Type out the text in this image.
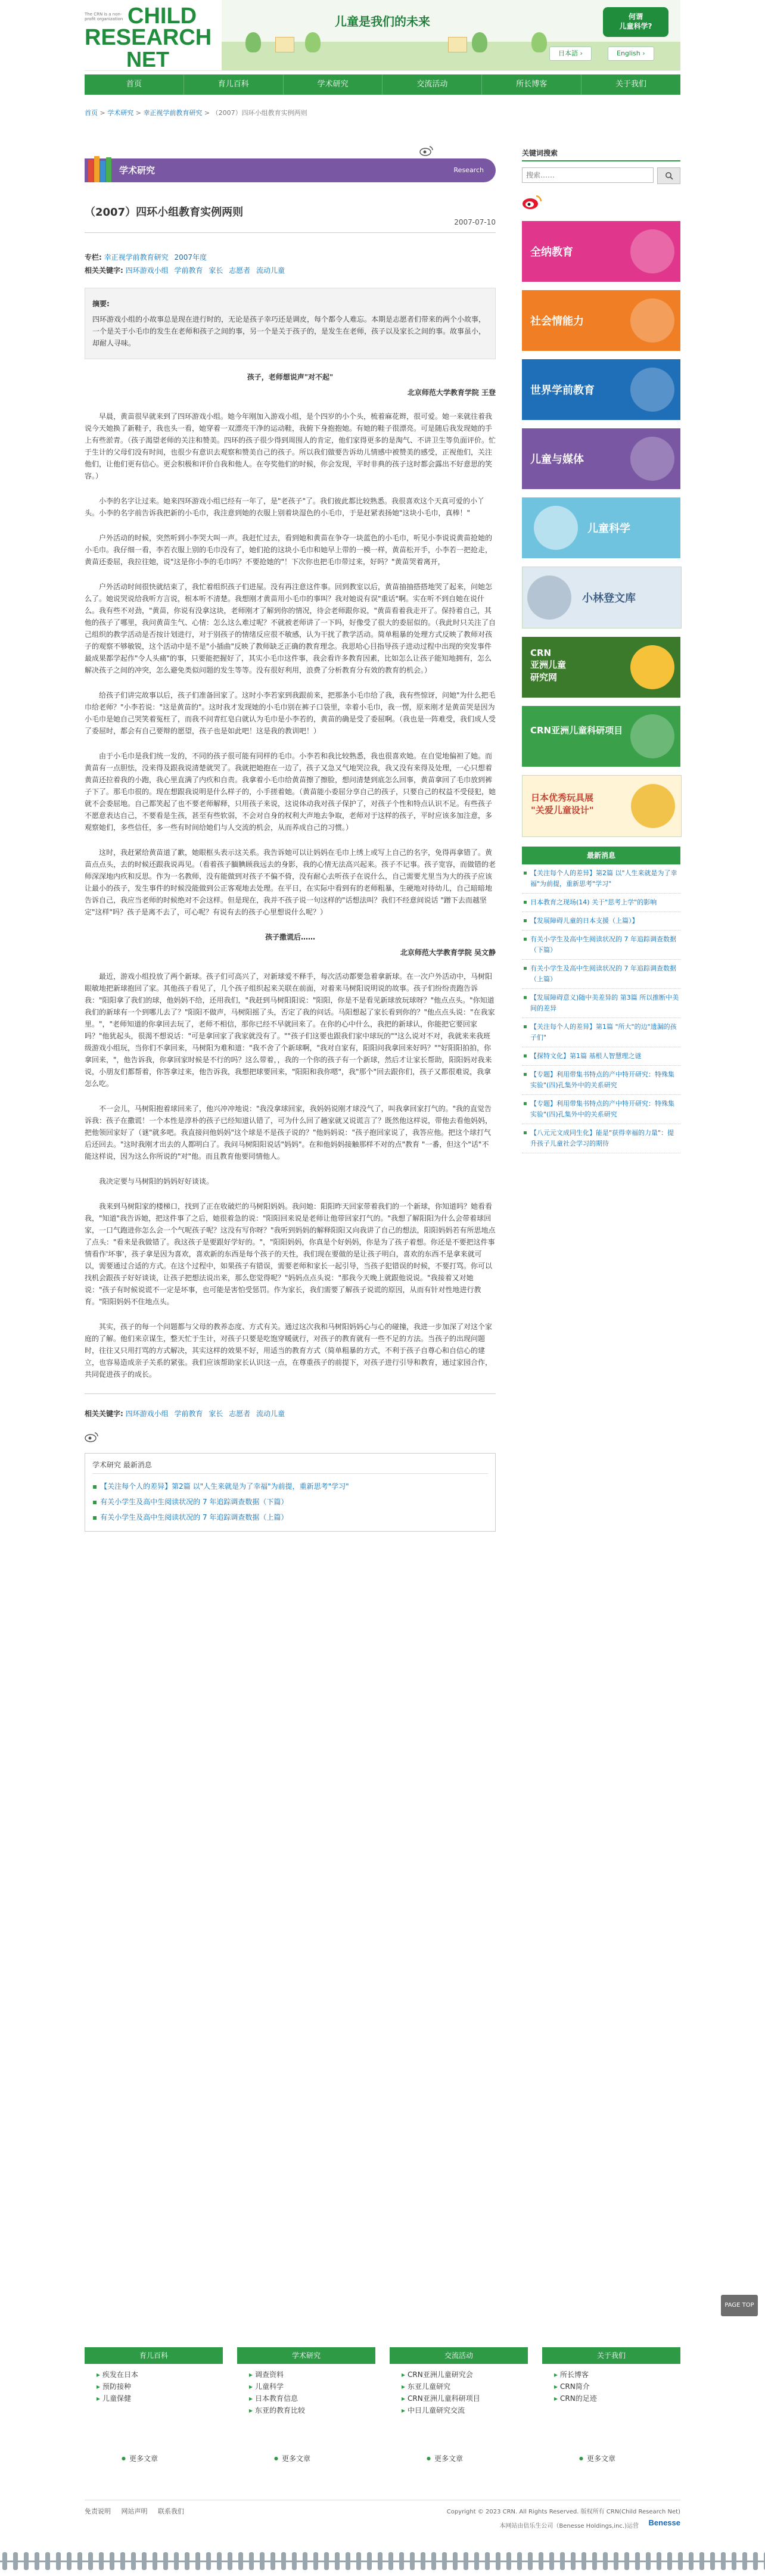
The CRN is a non-profit organization CHILD
RESEARCH
NET
儿童是我们的未来	何谓
儿童科学?
日本語 ›	English ›
首页	育儿百科	学术研究	交流活动	所长博客	关于我们
首页 > 学术研究 > 幸正视学前教育研究 > （2007）四环小组教育实例两则
学术研究	Research
（2007）四环小组教育实例两则
2007-07-10
专栏: 幸正视学前教育研究 2007年度
相关关键字: 四环游戏小组 学前教育 家长 志愿者 流动儿童
摘要:
四环游戏小组的小故事总是现在进行时的，无论是孩子幸巧还是调皮，每个都令人难忘。本期是志愿者们带来的两个小故事，一个是关于小毛巾的发生在老师和孩子之间的事，另一个是关于孩子的，是发生在老师，孩子以及家长之间的事。故事虽小，却耐人寻味。
孩子，老师想说声"对不起"
北京师范大学教育学院 王登

早晨，黄苗很早就来到了四环游戏小组。她今年刚加入游戏小组，是个四岁的小个头，梳着麻花辫，很可爱。她一来就往着我说今天她换了新鞋子，我也头一看，她穿着一双漂亮干净的运动鞋，我俯下身抱抱她。有她的鞋子很漂亮。可是随后我发现她的手上有些淤青。（孩子渴望老师的关注和赞美。四环的孩子很少得到周围人的肯定，他们家得更多的是淘气、不讲卫生等负面评价。忙于生计的父母们没有时间，也很少有意识去观察和赞美自己的孩子。所以我们做要告诉幼儿情感中被赞美的感受，正视他们，关注他们，让他们更有信心。更会积极和评价自我和他人。在夸奖他们的时候，你会发现，平时非典的孩子这时都会露出不好意思的笑容。）

小李的名字让过来。她来四环游戏小组已经有一年了，是"老孩子"了。我们彼此都比较熟悉。我很喜欢这个天真可爱的小丫头。小李的名字前告诉我把新的小毛巾，我注意到她的衣服上别着块湿色的小毛巾，于是赶紧表扬她"这块小毛巾，真棒！"

户外活动的时候，突然听到小李哭大叫一声。我赶忙过去，看到她和黄苗在争夺一块蓝色的小毛巾，听见小李说说黄苗抢她的小毛巾。我仔细一看，李若衣服上别的毛巾没有了，她们抢的这块小毛巾和她早上带的一模一样，黄苗松开手，小李若一把抢走，黄苗还委屈，我拉往她，说"这是你小李的毛巾吗？不要抢她的"！下次你也把毛巾带过来，好吗？"黄苗哭着离开，

户外活动时间很快就结束了，我忙着组织孩子们进屋。没有再注意这件事。回到教室以后，黄苗抽抽搭搭地哭了起来，问她怎么了。她说哭说给我听方言说，根本听不清楚。我想刚才黄苗用小毛巾的事叫？我对她说有误"重话"啊。实在听不到自她在说什么。我有些不对劲，"黄苗，你说有没拿这块，老师刚才了解到你的情况，待会老师跟你说，"黄苗看着我走开了。保持着自己，其他的孩子了哪里，我问黄苗生气、心情：怎么这么难过呢？不就被老师讲了一下吗，好像受了很大的委屈似的。（我此时只关注了自己组织的教学活动是否按计划进行，对于别孩子的情绪反应很不敏感，认为干扰了教学活动。简单粗暴的处理方式反映了教师对孩子的观察不够敏锐，这个活动中是不是"小插曲"反映了教师缺乏正确的教育理念。我思哈心目指导孩子进动过程中出现的突发事件最成果都学起作"令人头痛"的事，只要能把握好了，其实小毛巾这件事，我会看许多教育因素，比如怎么让孩子能知地拥有，怎么解决孩子之间的冲突，怎么避免类似问题的发生等等。没有很好利用，浪费了分析教育分有效的教育的机会。）

给孩子们讲完故事以后，孩子们准备回家了。这时小李若家到我跟前来，把那条小毛巾给了我，我有些惊讶，问她"为什么把毛巾给老师？"小李若说："这是黄苗的"。这时我才发现她的小毛巾别在裤子口袋里，幸着小毛巾，我一愣，原来刚才是黄苗哭是因为小毛巾是她自己哭笑着冤枉了，而我不问青红皂白就认为毛巾是小李若的，黄苗的确是受了委屈啊。（我也是一阵难受，我们成人受了委屈时，都会有自己要辩的愿望，孩子也是如此吧！这是我的教训吧！）

由于小毛巾是我们统一发的，不同的孩子很可能有同样的毛巾。小李若和我比较熟悉，我也很喜欢她。在自觉地偏袒了她。而黄苗有一点胆怯，没来得及跟我说清楚就哭了。我就把她抱在一边了，孩子又急又气地哭泣我，我又没有来得及处理，一心只想着黄苗还拉着我的小跑，我心里直满了内疚和自责。我拿着小毛巾给黄苗擦了擦脸，想问清楚到底怎么回事，黄苗拿回了毛巾放到裤子下了。那毛巾很的。现在想跟我说明是什么样子的，小手搓着她。（黄苗能小委屈分享自己的孩子，只要自己的权益不受侵犯，她就不会委屈地。自己都笑起了也不要老师解释，只用孩子来说，这说体动我对孩子保护了，对孩子个性和特点认识不足。有些孩子不愿意表达自己，不要看是生孩，甚至有些软弱，不会对自身的权利大声地去争取，老师对于这样的孩子，平时应该多加注意，多观察她们，多些信任，多一些有时间给她们与人交流的机会，从而养成自己的习惯。）

这时，我赶紧给黄苗道了歉，她眼框头表示这关系。我告诉她可以让妈妈在毛巾上绣上或写上自己的名字，免得再拿错了。黄苗点点头，去的时候还跟我说再见。（看着孩子腼腆顾我远去的身影，我的心情无法高兴起来。孩子不记事。孩子宽容，而做错的老师深深地内疚和反思。作为一名教师，没有能做到对孩子不偏不倚，没有耐心去听孩子在说什么，自己需要尤里当为大的孩子应该让最小的孩子，发生事件的时候没能做到公正客观地去处理。在平日，在实际中看到有的老师粗暴，生硬地对待幼儿，自己暗暗地告诉自己，我应当老师的时候绝对不会这样。但是现在，我并不孩子说一句这样的"话想法叫？我们不经意间说话 "蹭下去而越坚定"这样"吗？孩子是离不去了，可心呢？有说有去的孩子心里想说什么呢？）

孩子撒谎后……
北京师范大学教育学院 吴文静

最近，游戏小组投放了两个新球。孩子们可高兴了，对新球爱不释手，每次活动都要急着拿新球。在一次户外活动中，马树阳眼敏地把新球抱回了家。其他孩子看见了，几个孩子组织起来关联在前面，对着来马树阳说明说的故事。孩子们纷纷责跑告诉我："阳阳拿了我们的球，他妈妈不给，还用我们，"我赶到马树阳阳说："阳阳，你是不是看见新球放玩球呀？"他点点头。"你知道我们的新球有一个到哪儿去了？"阳阳不做声，马树阳摇了头，否定了我的问话。马阳想起了家长看到你的？"他点点头说："在我家里。"，"老师知道的你拿回去玩了，老师不相信，那你已经不早就回来了。在你的心中什么，我把的新球认，你能把它要回家吗？"他犹起头，很渴不想说话："可是拿回家了我家就没有了。""孩子们这要也跟我们家中球玩的""这么说对不对，我就来来我班级游戏小组玩，当你们不拿回来，马树阳为难和道："我不舍了个新球啊，"我对自家有，阳阳问我拿回来好吗？""好阳阳拍拍，你拿回来，"，他告诉我，你拿回家时候是不行的吗？这么带着，，我的一个你的孩子有一个新球，然后才让家长帮助，阳阳妈对我来说，小朋友们都帮着，你答拿过来，他告诉我，我想把球要回来，"阳阳和我你嗯"，我"那个"回去跟你们，孩子又都很难说，我拿怎么吃。

不一会儿，马树阳抱着球回来了，他兴冲冲地说："我没拿球回家，我妈妈说刚才球没气了，叫我拿回家打气的。"我的直觉告诉我：孩子在撒谎！一个本性是淳朴的孩子已经知道认错了，可为什么回了趟家就又说谎言了？既然他这样说，带他去看他妈妈，把他领回家好了（谜"就多吧。我直接问他妈妈"这个球是不是孩子说的？"他妈妈说："孩子抱回家说了，我答应他。把这个球打气后还回去。"这时我刚才出去的人都明白了。我问马树阳阳说话"妈妈"。在和他妈妈接触那样不对的点"教育 "一番，但这个"话"不能这样说，因为这么你所说的"对"他。而且教育他要同情他人。

我决定要与马树阳的妈妈好好谈谈。

我来到马树阳家的楼梯口，找到了正在收破烂的马树阳妈妈。我问她：阳阳昨天回家带着我们的一个新球，你知道吗？她看看我，"知道"我告诉她，把这件事了之后，她很着急的说："阳阳回来说是老师让他带回家打气的。"我想了解阳阳为什么会带着球回家，一口气跑进你怎么会一个气呢孩子呢？这没有写你呀？"我听到妈妈的解释阳阳又向我讲了自己的想法，阳阳妈妈若有所思地点了点头："看来是我做错了。我这孩子是要跟好学好的。"，"阳阳妈妈，你真是个好妈妈，你是为了孩子着想。你还是不要把这件事情看作'坏事'，孩子拿是因为喜欢，喜欢新的东西是每个孩子的天性，我们现在要做的是让孩子明白，喜欢的东西不是拿来就可以，需要通过合适的方式。在这个过程中，如果孩子有错误，需要老师和家长一起引导，当孩子犯错误的时候，不要打骂。你可以找机会跟孩子好好谈谈，让孩子把想法说出来，那么您觉得呢？"妈妈点点头说："那我今天晚上就跟他说说。"我接着又对她说："孩子有时候说谎不一定是坏事，也可能是害怕受惩罚。作为家长，我们需要了解孩子说谎的原因，从而有针对性地进行教育。"阳阳妈妈不住地点头。

其实，孩子的每一个问题都与父母的教养态度、方式有关。通过这次我和马树阳妈妈心与心的碰撞，我进一步加深了对这个家庭的了解。他们来京谋生，整天忙于生计，对孩子只要是吃饱穿暖就行，对孩子的教育就有一些不足的方法。当孩子的出现问题时，往往又只用打骂的方式解决，其实这样的效果不好，用适当的教育方式（简单粗暴的方式，不利于孩子自尊心和自信心的建立，也容易造成亲子关系的紧张。我们应该帮助家长认识这一点，在尊重孩子的前提下，对孩子进行引导和教育，通过家园合作，共同促进孩子的成长。

相关关键字: 四环游戏小组 学前教育 家长 志愿者 流动儿童
学术研究 最新消息
▪ 【关注每个人的差异】第2篇 以"人生来就是为了幸福"为前提，重新思考"学习"
▪ 有关小学生及高中生阅读状况的 7 年追踪调查数据（下篇）
▪ 有关小学生及高中生阅读状况的 7 年追踪调查数据（上篇）
关键词搜索
搜索……
全纳教育
社会情能力
世界学前教育
儿童与媒体
儿童科学
小林登文库
CRN
亚洲儿童
研究网
CRN亚洲儿童科研项目
日本优秀玩具展
"关爱儿童设计"
最新消息
▪ 【关注每个人的差异】第2篇 以"人生来就是为了幸福"为前提，重新思考"学习"
▪ 日本教育之现场(14) 关于"思考上学"的影响
▪ 【发展障碍儿童的日本支援（上篇）】
▪ 有关小学生及高中生阅读状况的 7 年追踪调查数据（下篇）
▪ 有关小学生及高中生阅读状况的 7 年追踪调查数据（上篇）
▪ 【发展障碍意义)随中美差异的 第3篇 所以推断中美间的差异
▪ 【关注每个人的差异】第1篇 "所大"的边"遗漏的孩子们"
▪ 【探特文化】第1篇 基根人智慧理之谜
▪ 【专题】利用带集书特点的产中特开研究：特殊集实验"(四)孔集外中的关系研究
▪ 【专题】利用带集书特点的产中特开研究：特殊集实验"(四)孔集外中的关系研究
▪ 【八元元文成同生化】能是"获得幸福的力量"：提升孩子儿童社会学习的期待
PAGE TOP
育儿百科
▸ 疾发在日本
▸ 预防接种
▸ 儿童保健
● 更多文章
学术研究
▸ 调查资料
▸ 儿童科学
▸ 日本教育信息
▸ 东亚的教育比较
● 更多文章
交流活动
▸ CRN亚洲儿童研究会
▸ 东亚儿童研究
▸ CRN亚洲儿童科研项目
▸ 中日儿童研究交流
● 更多文章
关于我们
▸ 所长博客
▸ CRN简介
▸ CRN的足迹
● 更多文章
免责说明 网站声明 联系我们	Copyright © 2023 CRN. All Rights Reserved. 版权所有 CRN(Child Research Net)
本网站由倍乐生公司（Benesse Holdings,inc.)运营 Benesse
